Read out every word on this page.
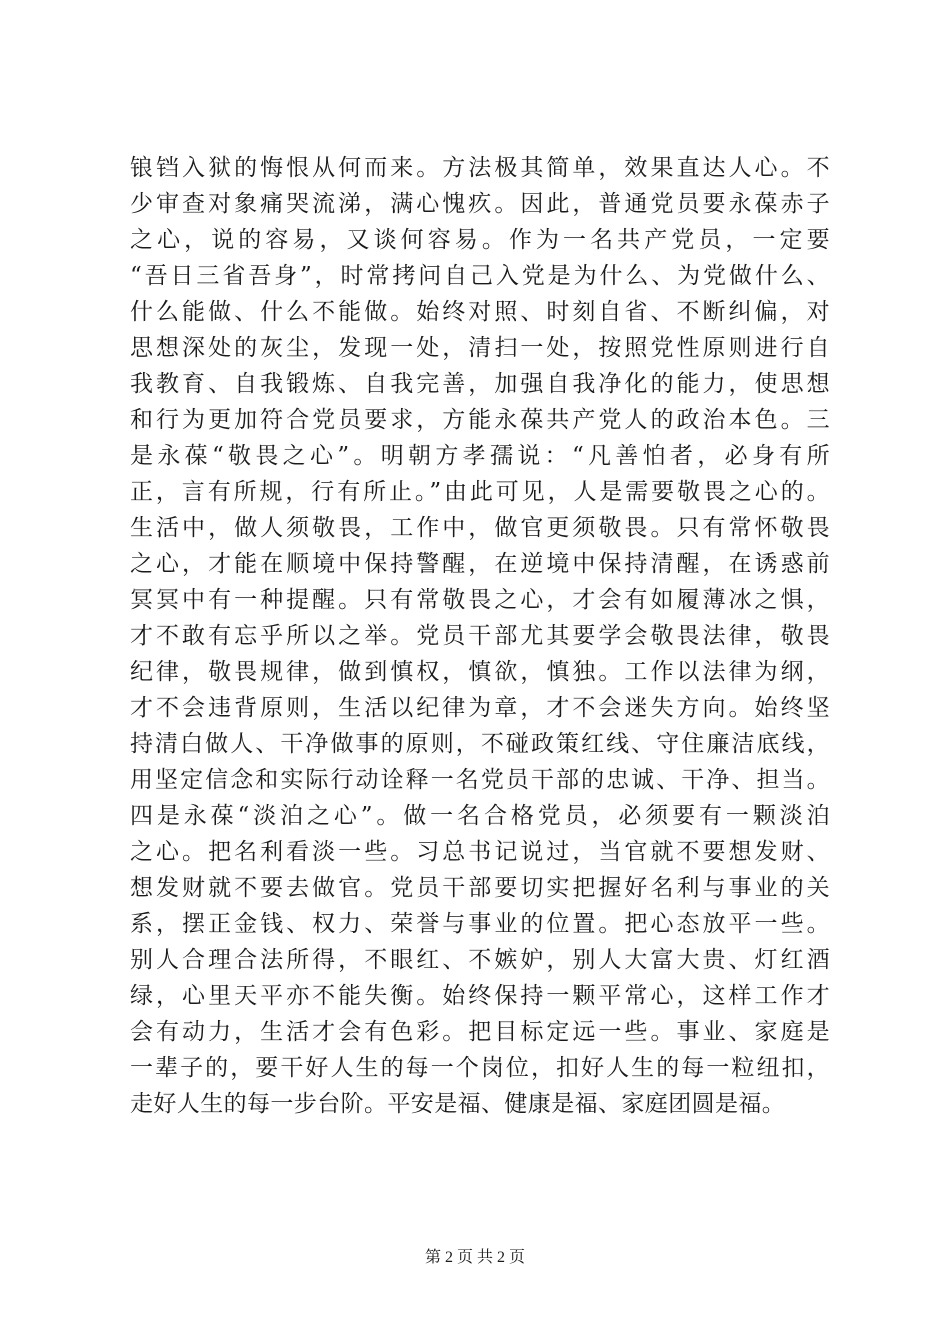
锒铛入狱的悔恨从何而来。方法极其简单，效果直达人心。不
少审查对象痛哭流涕，满心愧疚。因此，普通党员要永葆赤子
之心，说的容易，又谈何容易。作为一名共产党员，一定要
“吾日三省吾身”，时常拷问自己入党是为什么、为党做什么、
什么能做、什么不能做。始终对照、时刻自省、不断纠偏，对
思想深处的灰尘，发现一处，清扫一处，按照党性原则进行自
我教育、自我锻炼、自我完善，加强自我净化的能力，使思想
和行为更加符合党员要求，方能永葆共产党人的政治本色。三
是永葆“敬畏之心”。明朝方孝孺说：“凡善怕者，必身有所
正，言有所规，行有所止。”由此可见，人是需要敬畏之心的。
生活中，做人须敬畏，工作中，做官更须敬畏。只有常怀敬畏
之心，才能在顺境中保持警醒，在逆境中保持清醒，在诱惑前
冥冥中有一种提醒。只有常敬畏之心，才会有如履薄冰之惧，
才不敢有忘乎所以之举。党员干部尤其要学会敬畏法律，敬畏
纪律，敬畏规律，做到慎权，慎欲，慎独。工作以法律为纲，
才不会违背原则，生活以纪律为章，才不会迷失方向。始终坚
持清白做人、干净做事的原则，不碰政策红线、守住廉洁底线，
用坚定信念和实际行动诠释一名党员干部的忠诚、干净、担当。
四是永葆“淡泊之心”。做一名合格党员，必须要有一颗淡泊
之心。把名利看淡一些。习总书记说过，当官就不要想发财、
想发财就不要去做官。党员干部要切实把握好名利与事业的关
系，摆正金钱、权力、荣誉与事业的位置。把心态放平一些。
别人合理合法所得，不眼红、不嫉妒，别人大富大贵、灯红酒
绿，心里天平亦不能失衡。始终保持一颗平常心，这样工作才
会有动力，生活才会有色彩。把目标定远一些。事业、家庭是
一辈子的，要干好人生的每一个岗位，扣好人生的每一粒纽扣，
走好人生的每一步台阶。平安是福、健康是福、家庭团圆是福。
第 2 页 共 2 页
